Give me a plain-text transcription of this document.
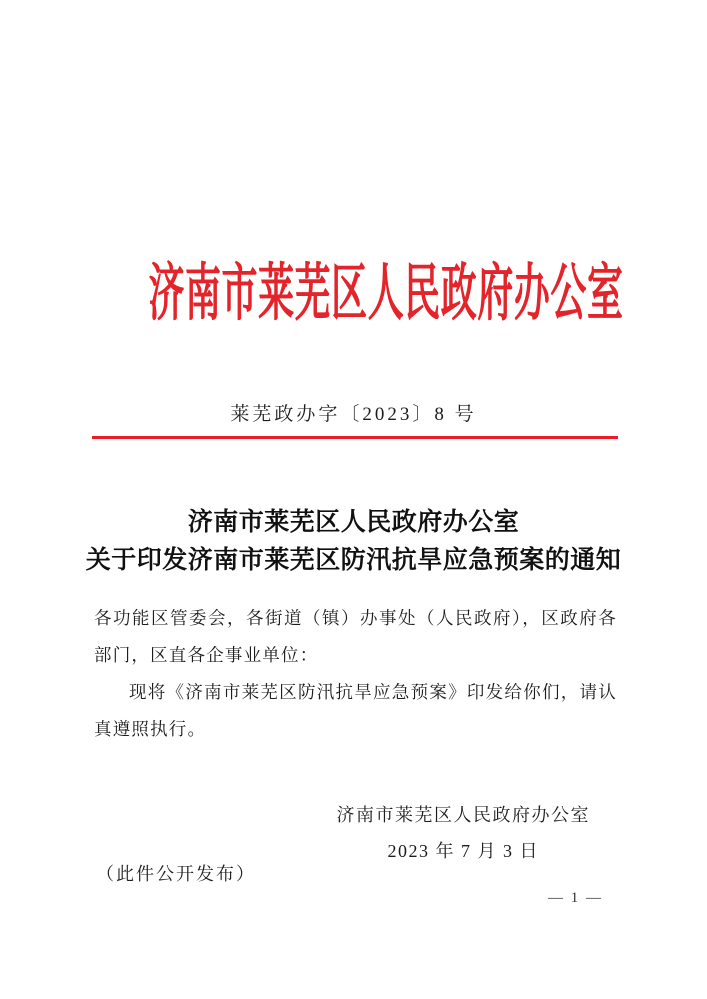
济南市莱芜区人民政府办公室
莱芜政办字〔2023〕8 号
济南市莱芜区人民政府办公室
关于印发济南市莱芜区防汛抗旱应急预案的通知

各功能区管委会，各街道（镇）办事处（人民政府），区政府各部门，区直各企事业单位：

现将《济南市莱芜区防汛抗旱应急预案》印发给你们，请认真遵照执行。

济南市莱芜区人民政府办公室
2023 年 7 月 3 日
（此件公开发布）
— 1 —
